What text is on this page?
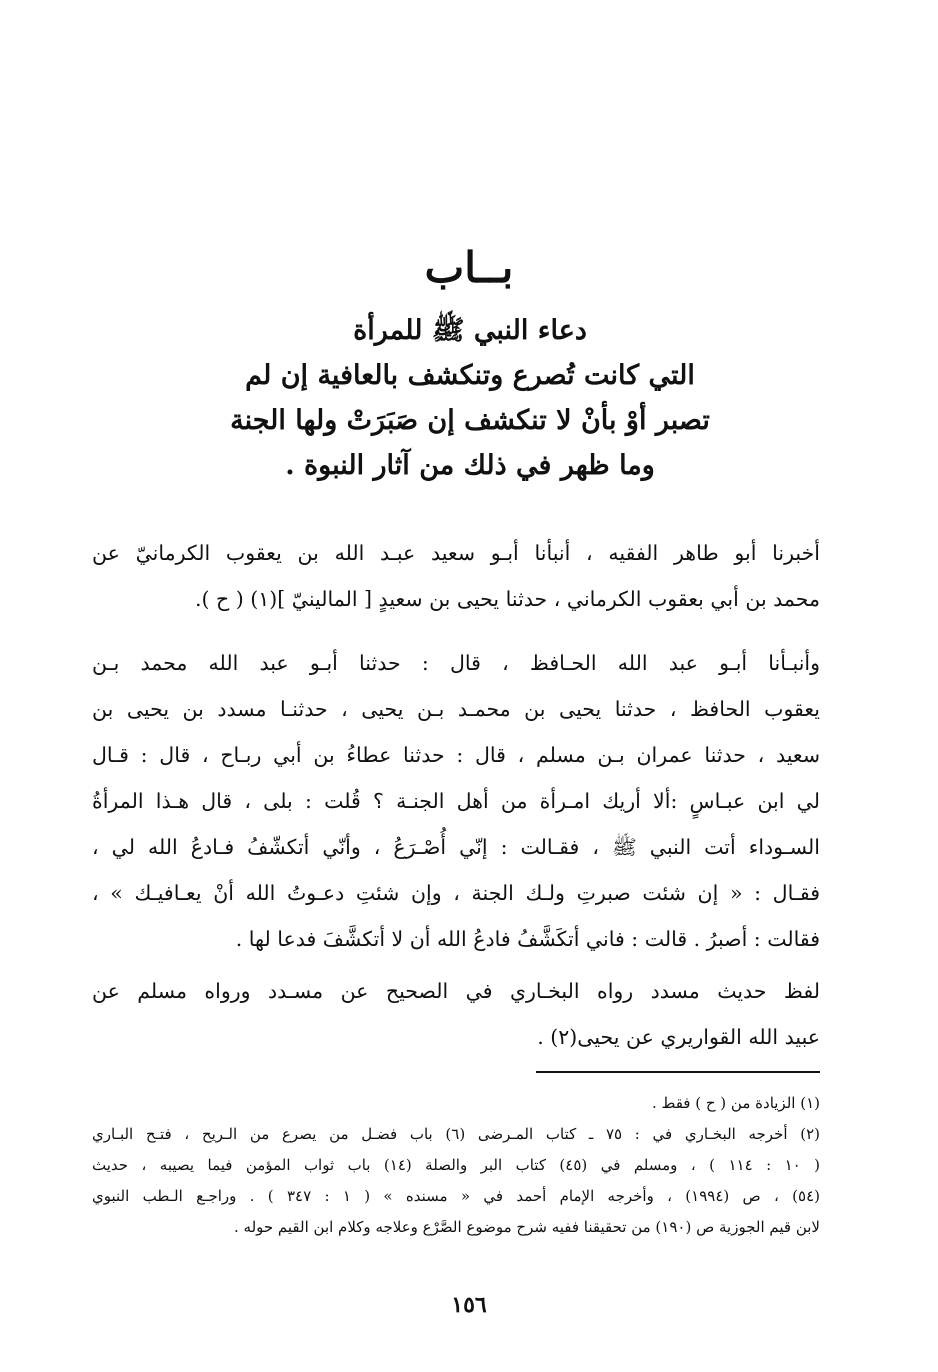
بــاب
دعاء النبي ﷺ للمرأة
التي كانت تُصرع وتنكشف بالعافية إن لم
تصبر أوْ بأنْ لا تنكشف إن صَبَرَتْ ولها الجنة
وما ظهر في ذلك من آثار النبوة .
أخبرنا أبو طاهر الفقيه ، أنبأنا أبـو سعيد عبـد الله بن يعقوب الكرمانيّ عن
محمد بن أبي بعقوب الكرماني ، حدثنا يحيى بن سعيدٍ [ المالينيّ ](١) ( ح ).
وأنبـأنا أبـو عبد الله الحـافظ ، قال : حدثنا أبـو عبد الله محمد بـن
يعقوب الحافظ ، حدثنا يحيى بن محمـد بـن يحيى ، حدثنـا مسدد بن يحيى بن
سعيد ، حدثنا عمران بـن مسلم ، قال : حدثنا عطاءُ بن أبي ربـاح ، قال : قـال
لي ابن عبـاسٍ :ألا أريك امـرأة من أهل الجنـة ؟ قُلت : بلى ، قال هـذا المرأةُ
السـوداء أتت النبي ﷺ ، فقـالت : إنّي أُصْـرَعُ ، وأنّي أتكشّفُ فـادعُ الله لي ،
فقـال : « إن شئت صبرتِ ولـك الجنة ، وإن شئتِ دعـوتُ الله أنْ يعـافيـك » ،
فقالت : أصبرُ . قالت : فاني أتكَشَّفُ فادعُ الله أن لا أتكشَّفَ فدعا لها .
لفظ حديث مسدد رواه البخـاري في الصحيح عن مسـدد ورواه مسلم عن
عبيد الله القواريري عن يحيى(٢) .
(١) الزيادة من ( ح ) فقط .
(٢) أخرجه البخـاري في : ٧٥ ـ كتاب المـرضى (٦) باب فضـل من يصرع من الـريح ، فتـح البـاري
( ١٠ : ١١٤ ) ، ومسلم في (٤٥) كتاب البر والصلة (١٤) باب ثواب المؤمن فيما يصيبه ، حديث
(٥٤) ، ص (١٩٩٤) ، وأخرجه الإمام أحمد في « مسنده » ( ١ : ٣٤٧ ) . وراجـع الـطب النبوي
لابن قيم الجوزية ص (١٩٠) من تحقيقنا ففيه شرح موضوع الصَّرْع وعلاجه وكلام ابن القيم حوله .
١٥٦
